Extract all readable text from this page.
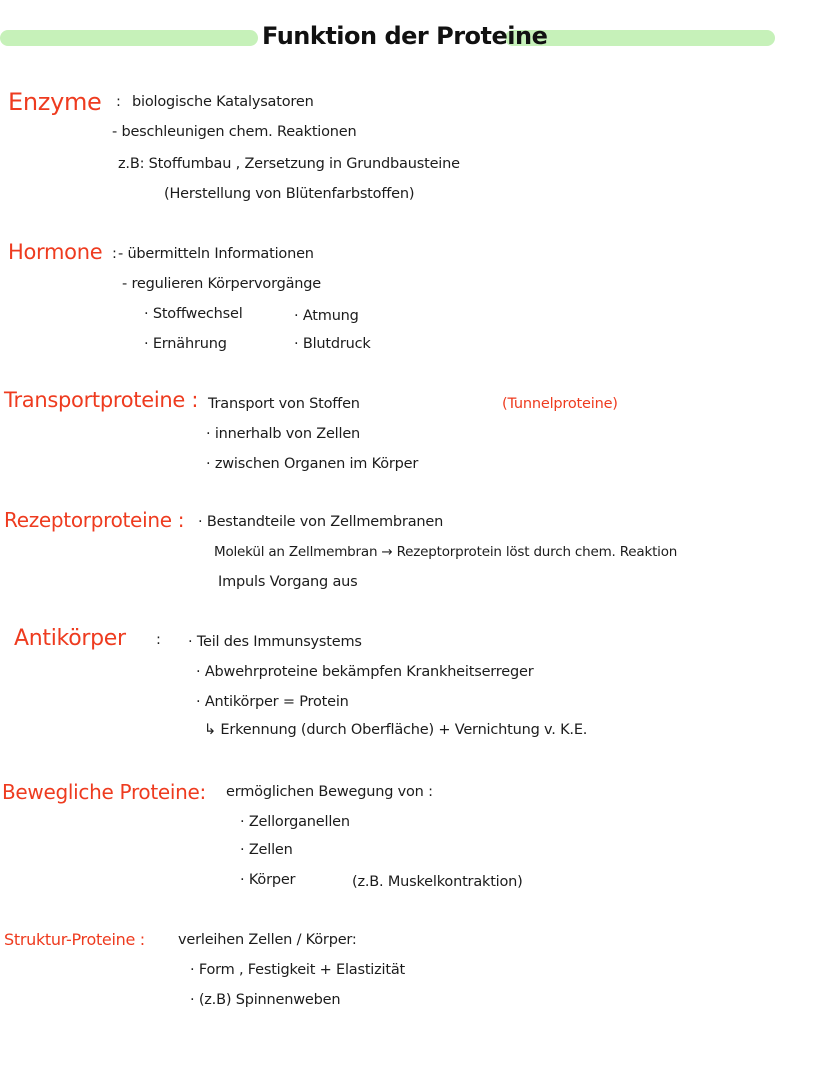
Funktion der Proteine
Enzyme : biologische Katalysatoren
- beschleunigen chem. Reaktionen
z.B: Stoffumbau , Zersetzung in Grundbausteine
(Herstellung von Blütenfarbstoffen)
Hormone : - übermitteln Informationen
- regulieren Körpervorgänge
· Stoffwechsel	· Atmung
· Ernährung	· Blutdruck
Transportproteine : Transport von Stoffen	(Tunnelproteine)
· innerhalb von Zellen
· zwischen Organen im Körper
Rezeptorproteine : · Bestandteile von Zellmembranen
Molekül an Zellmembran → Rezeptorprotein löst durch chem. Reaktion
Impuls Vorgang aus
Antikörper : · Teil des Immunsystems
· Abwehrproteine bekämpfen Krankheitserreger
· Antikörper = Protein
↳ Erkennung (durch Oberfläche) + Vernichtung v. K.E.
Bewegliche Proteine: ermöglichen Bewegung von :
· Zellorganellen
· Zellen
· Körper	(z.B. Muskelkontraktion)
Struktur-Proteine : verleihen Zellen / Körper:
· Form , Festigkeit + Elastizität
· (z.B) Spinnenweben
